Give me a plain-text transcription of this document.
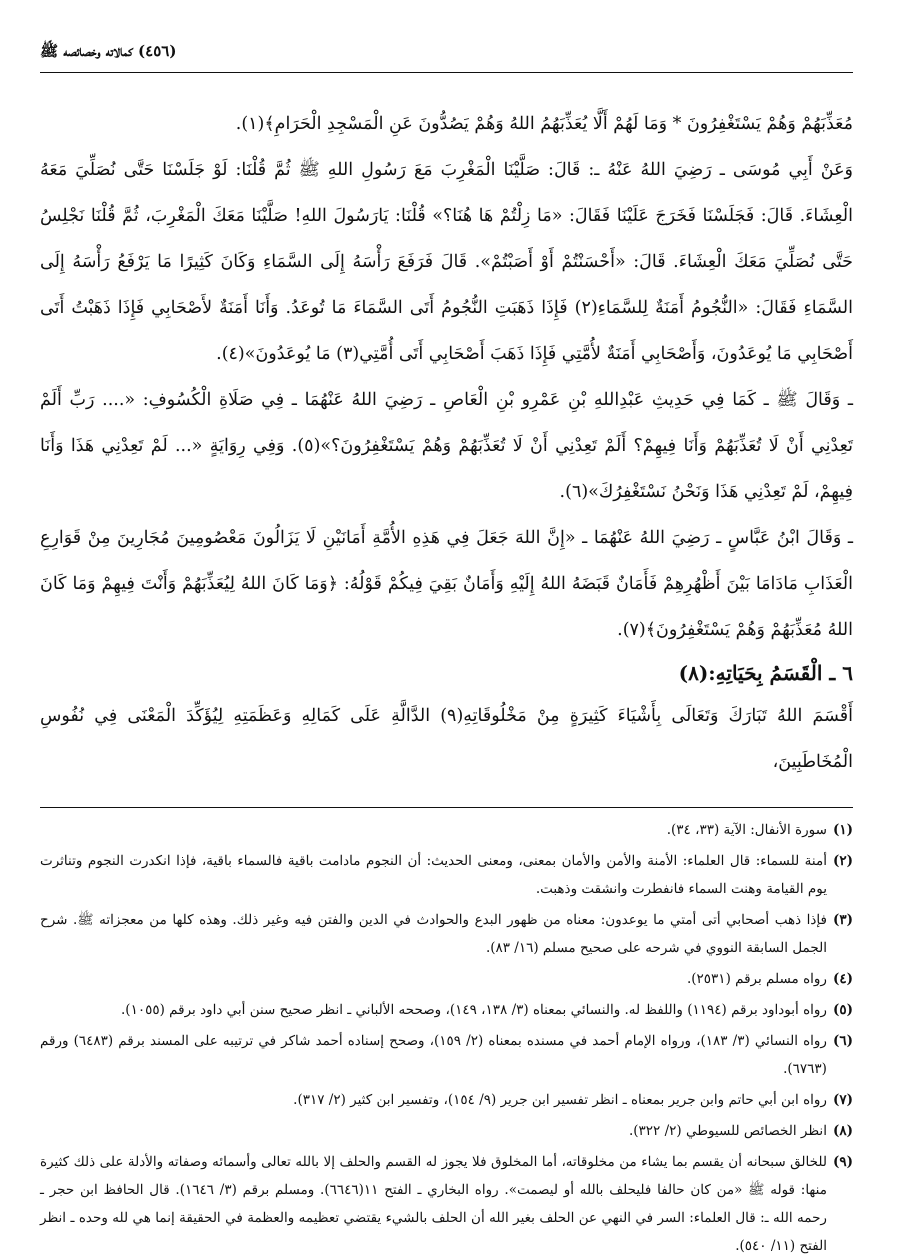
(٤٥٦) كمالاته وخصائصه ﷺ

مُعَذِّبَهُمْ وَهُمْ يَسْتَغْفِرُونَ * وَمَا لَهُمْ أَلَّا يُعَذِّبَهُمُ اللهُ وَهُمْ يَصُدُّونَ عَنِ الْمَسْجِدِ الْحَرَامِ﴾(١).

وَعَنْ أَبِي مُوسَى ـ رَضِيَ اللهُ عَنْهُ ـ: قَالَ: صَلَّيْنَا الْمَغْرِبَ مَعَ رَسُولِ اللهِ ﷺ ثُمَّ قُلْنَا: لَوْ جَلَسْنَا حَتَّى نُصَلِّيَ مَعَهُ الْعِشَاءَ. قَالَ: فَجَلَسْنَا فَخَرَجَ عَلَيْنَا فَقَالَ: «مَا زِلْتُمْ هَا هُنَا؟» قُلْنَا: يَارَسُولَ اللهِ! صَلَّيْنَا مَعَكَ الْمَغْرِبَ، ثُمَّ قُلْنَا نَجْلِسُ حَتَّى نُصَلِّيَ مَعَكَ الْعِشَاءَ. قَالَ: «أَحْسَنْتُمْ أَوْ أَصَبْتُمْ». قَالَ فَرَفَعَ رَأْسَهُ إِلَى السَّمَاءِ وَكَانَ كَثِيرًا مَا يَرْفَعُ رَأْسَهُ إِلَى السَّمَاءِ فَقَالَ: «النُّجُومُ أَمَنَةٌ لِلسَّمَاءِ(٢) فَإِذَا ذَهَبَتِ النُّجُومُ أَتَى السَّمَاءَ مَا تُوعَدُ. وَأَنَا أَمَنَةٌ لأَصْحَابِي فَإِذَا ذَهَبْتُ أَتَى أَصْحَابِي مَا يُوعَدُونَ، وَأَصْحَابِي أَمَنَةٌ لأُمَّتِي فَإِذَا ذَهَبَ أَصْحَابِي أَتَى أُمَّتِي(٣) مَا يُوعَدُونَ»(٤).

ـ وَقَالَ ﷺ ـ كَمَا فِي حَدِيثِ عَبْدِاللهِ بْنِ عَمْرِو بْنِ الْعَاصِ ـ رَضِيَ اللهُ عَنْهُمَا ـ فِي صَلَاةِ الْكُسُوفِ: «.... رَبِّ أَلَمْ تَعِدْنِي أَنْ لَا تُعَذِّبَهُمْ وَأَنَا فِيهِمْ؟ أَلَمْ تَعِدْنِي أَنْ لَا تُعَذِّبَهُمْ وَهُمْ يَسْتَغْفِرُونَ؟»(٥). وَفِي رِوَايَةٍ «... لَمْ تَعِدْنِي هَذَا وَأَنَا فِيهِمْ، لَمْ تَعِدْنِي هَذَا وَنَحْنُ نَسْتَغْفِرُكَ»(٦).

ـ وَقَالَ ابْنُ عَبَّاسٍ ـ رَضِيَ اللهُ عَنْهُمَا ـ «إِنَّ اللهَ جَعَلَ فِي هَذِهِ الأُمَّةِ أَمَانَيْنِ لَا يَزَالُونَ مَعْصُومِينَ مُجَارِينَ مِنْ قَوَارِعِ الْعَذَابِ مَادَامَا بَيْنَ أَظْهُرِهِمْ فَأَمَانٌ قَبَضَهُ اللهُ إِلَيْهِ وَأَمَانٌ بَقِيَ فِيكُمْ قَوْلُهُ: ﴿وَمَا كَانَ اللهُ لِيُعَذِّبَهُمْ وَأَنْتَ فِيهِمْ وَمَا كَانَ اللهُ مُعَذِّبَهُمْ وَهُمْ يَسْتَغْفِرُونَ﴾(٧).

٦ ـ الْقَسَمُ بِحَيَاتِهِ:(٨)

أَقْسَمَ اللهُ تَبَارَكَ وَتَعَالَى بِأَشْيَاءَ كَثِيرَةٍ مِنْ مَخْلُوقَاتِهِ(٩) الدَّالَّةِ عَلَى كَمَالِهِ وَعَظَمَتِهِ لِيُؤَكِّدَ الْمَعْنَى فِي نُفُوسِ الْمُخَاطَبِينَ،

(١)
سورة الأنفال: الآية (٣٣، ٣٤).
(٢)
أمنة للسماء: قال العلماء: الأمنة والأمن والأمان بمعنى، ومعنى الحديث: أن النجوم مادامت باقية فالسماء باقية، فإذا انكدرت النجوم وتناثرت يوم القيامة وهنت السماء فانفطرت وانشقت وذهبت.
(٣)
فإذا ذهب أصحابي أتى أمتي ما يوعدون: معناه من ظهور البدع والحوادث في الدين والفتن فيه وغير ذلك. وهذه كلها من معجزاته ﷺ. شرح الجمل السابقة النووي في شرحه على صحيح مسلم (١٦/ ٨٣).
(٤)
رواه مسلم برقم (٢٥٣١).
(٥)
رواه أبوداود برقم (١١٩٤) واللفظ له. والنسائي بمعناه (٣/ ١٣٨، ١٤٩)، وصححه الألباني ـ انظر صحيح سنن أبي داود برقم (١٠٥٥).
(٦)
رواه النسائي (٣/ ١٨٣)، ورواه الإمام أحمد في مسنده بمعناه (٢/ ١٥٩)، وصحح إسناده أحمد شاكر في ترتيبه على المسند برقم (٦٤٨٣) ورقم (٦٧٦٣).
(٧)
رواه ابن أبي حاتم وابن جرير بمعناه ـ انظر تفسير ابن جرير (٩/ ١٥٤)، وتفسير ابن كثير (٢/ ٣١٧).
(٨)
انظر الخصائص للسيوطي (٢/ ٣٢٢).
(٩)
للخالق سبحانه أن يقسم بما يشاء من مخلوقاته، أما المخلوق فلا يجوز له القسم والحلف إلا بالله تعالى وأسمائه وصفاته والأدلة على ذلك كثيرة منها: قوله ﷺ «من كان حالفا فليحلف بالله أو ليصمت». رواه البخاري ـ الفتح ١١(٦٦٤٦). ومسلم برقم (٣/ ١٦٤٦). قال الحافظ ابن حجر ـ رحمه الله ـ: قال العلماء: السر في النهي عن الحلف بغير الله أن الحلف بالشيء يقتضي تعظيمه والعظمة في الحقيقة إنما هي لله وحده ـ انظر الفتح (١١/ ٥٤٠).
